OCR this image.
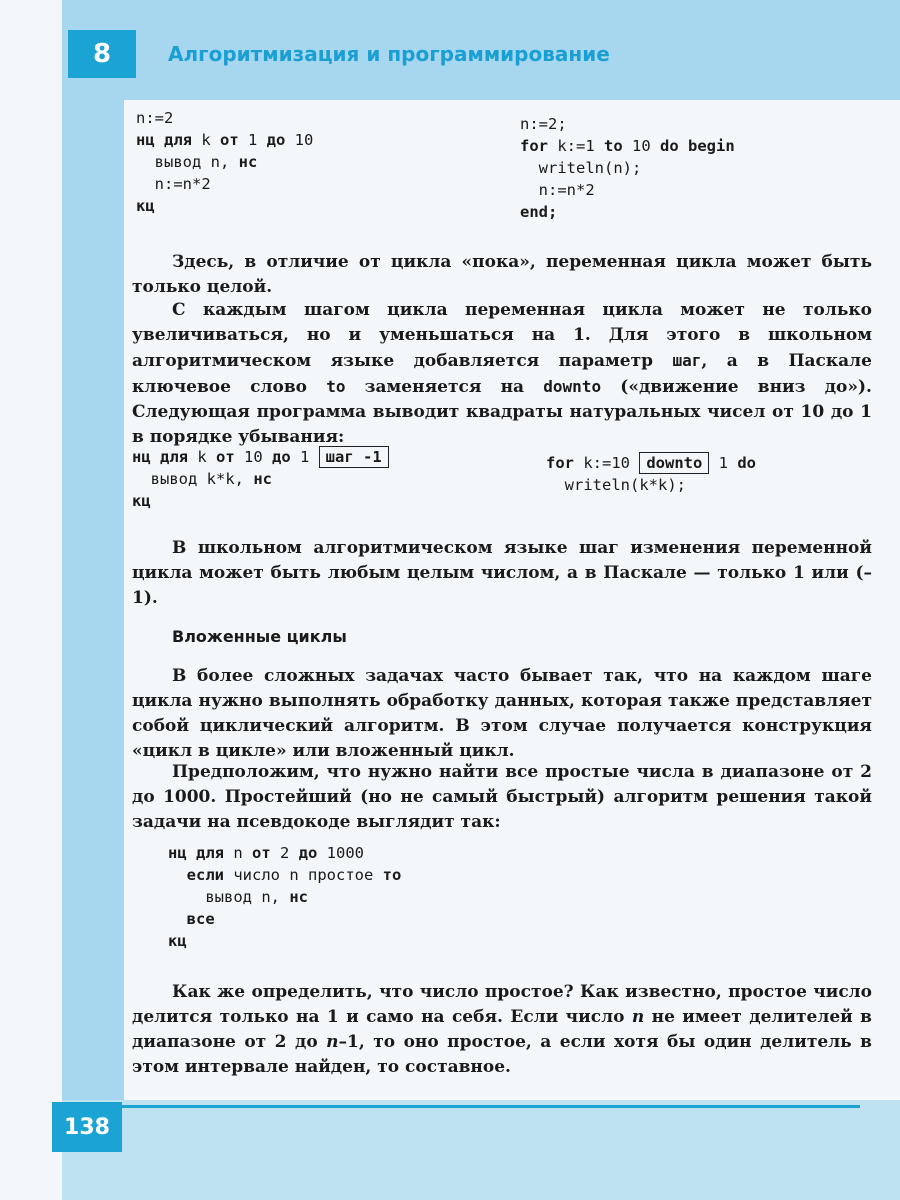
8	Алгоритмизация и программирование
n:=2
нц для k от 1 до 10
вывод n, нс
n:=n*2
кц
n:=2;
for k:=1 to 10 do begin
writeln(n);
n:=n*2
end;

Здесь, в отличие от цикла «пока», переменная цикла может быть только целой.

С каждым шагом цикла переменная цикла может не только увеличиваться, но и уменьшаться на 1. Для этого в школьном алгоритмическом языке добавляется параметр шаг, а в Паскале ключевое слово to заменяется на downto («движение вниз до»). Следующая программа выводит квадраты натуральных чисел от 10 до 1 в порядке убывания:

нц для k от 10 до 1 шаг -1
вывод k*k, нс
кц
for k:=10 downto 1 do
writeln(k*k);

В школьном алгоритмическом языке шаг изменения переменной цикла может быть любым целым числом, а в Паскале — только 1 или (–1).

Вложенные циклы

В более сложных задачах часто бывает так, что на каждом шаге цикла нужно выполнять обработку данных, которая также представляет собой циклический алгоритм. В этом случае получается конструкция «цикл в цикле» или вложенный цикл.

Предположим, что нужно найти все простые числа в диапазоне от 2 до 1000. Простейший (но не самый быстрый) алгоритм решения такой задачи на псевдокоде выглядит так:

нц для n от 2 до 1000
если число n простое то
вывод n, нс
все
кц

Как же определить, что число простое? Как известно, простое число делится только на 1 и само на себя. Если число n не имеет делителей в диапазоне от 2 до n–1, то оно простое, а если хотя бы один делитель в этом интервале найден, то составное.

138
